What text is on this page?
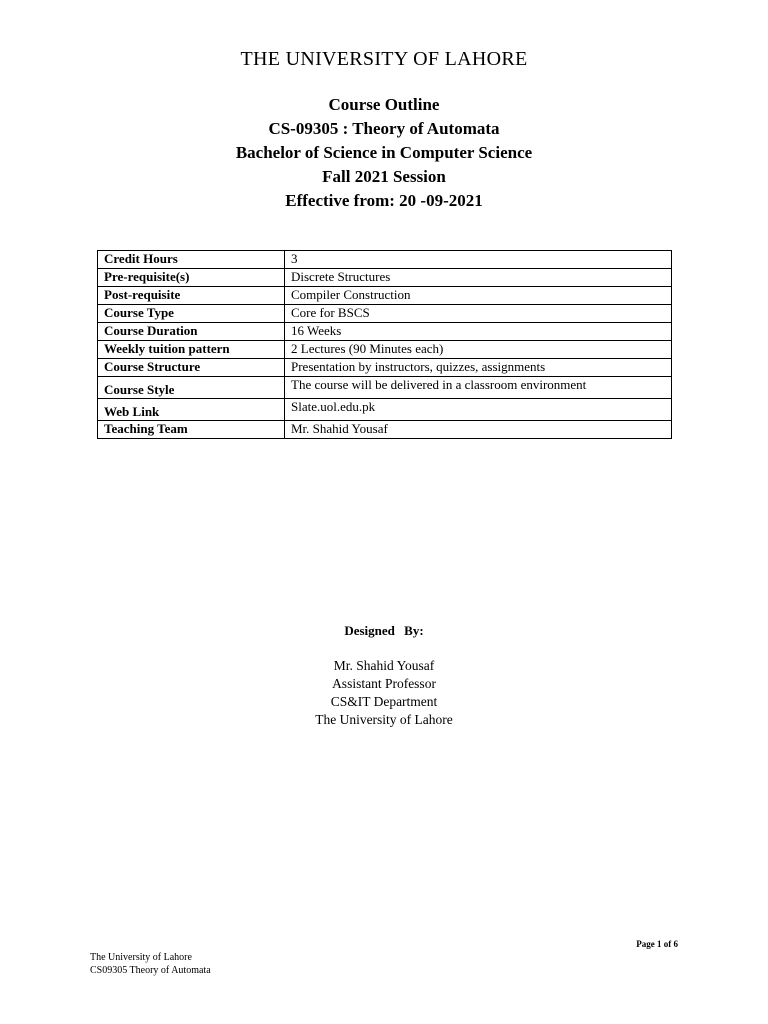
THE UNIVERSITY OF LAHORE
Course Outline
CS-09305 : Theory of Automata
Bachelor of Science in Computer Science
Fall 2021 Session
Effective from: 20 -09-2021
Credit Hours	3
Pre-requisite(s)	Discrete Structures
Post-requisite	Compiler Construction
Course Type	Core for BSCS
Course Duration	16 Weeks
Weekly tuition pattern	2 Lectures (90 Minutes each)
Course Structure	Presentation by instructors, quizzes, assignments
Course Style	The course will be delivered in a classroom environment
Web Link	Slate.uol.edu.pk
Teaching Team	Mr. Shahid Yousaf
Designed By:
Mr. Shahid Yousaf
Assistant Professor
CS&IT Department
The University of Lahore
Page 1 of 6
The University of Lahore
CS09305 Theory of Automata
